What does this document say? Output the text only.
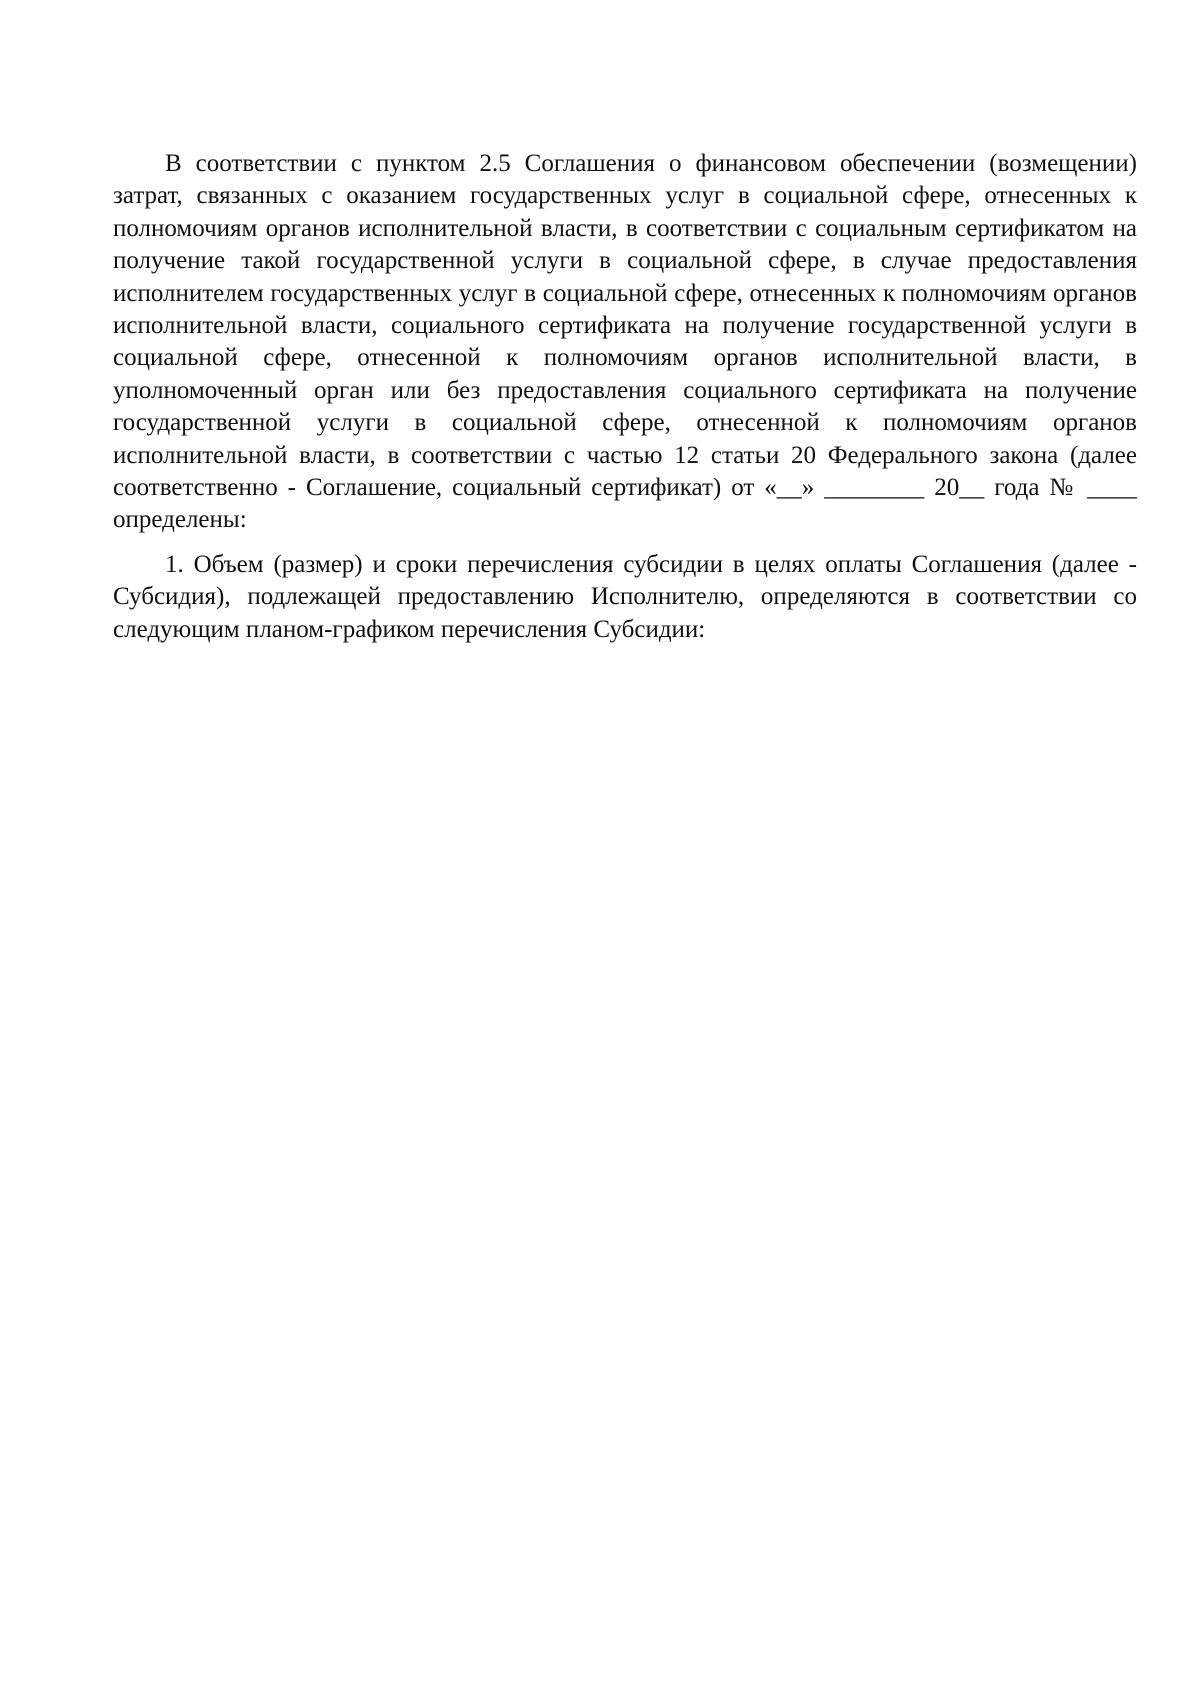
В соответствии с пунктом 2.5 Соглашения о финансовом обеспечении (возмещении) затрат, связанных с оказанием государственных услуг в социальной сфере, отнесенных к полномочиям органов исполнительной власти, в соответствии с социальным сертификатом на получение такой государственной услуги в социальной сфере, в случае предоставления исполнителем государственных услуг в социальной сфере, отнесенных к полномочиям органов исполнительной власти, социального сертификата на получение государственной услуги в социальной сфере, отнесенной к полномочиям органов исполнительной власти, в уполномоченный орган или без предоставления социального сертификата на получение государственной услуги в социальной сфере, отнесенной к полномочиям органов исполнительной власти, в соответствии с частью 12 статьи 20 Федерального закона (далее соответственно - Соглашение, социальный сертификат) от «__» ________ 20__ года № ____ определены:

1. Объем (размер) и сроки перечисления субсидии в целях оплаты Соглашения (далее - Субсидия), подлежащей предоставлению Исполнителю, определяются в соответствии со следующим планом-графиком перечисления Субсидии:
